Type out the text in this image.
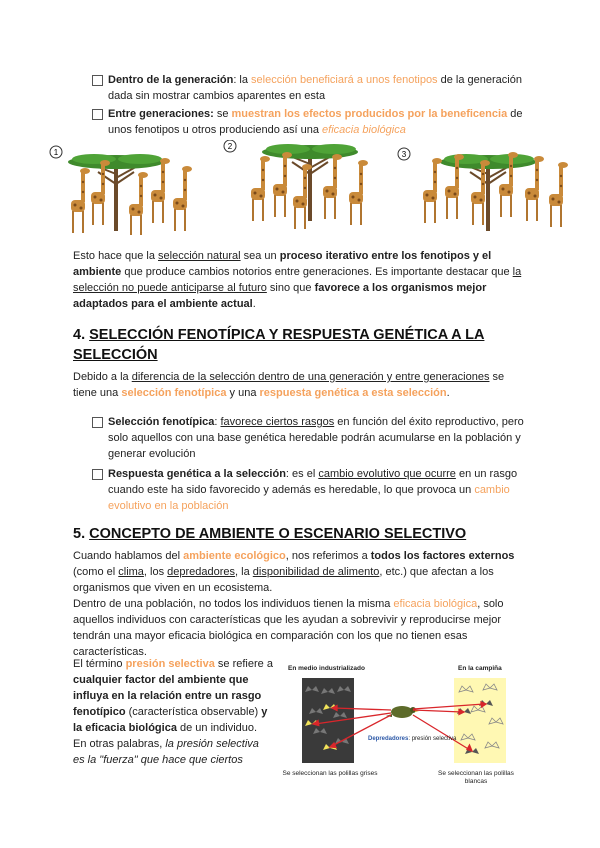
Dentro de la generación: la selección beneficiará a unos fenotipos de la generación dada sin mostrar cambios aparentes en esta
Entre generaciones: se muestran los efectos producidos por la beneficencia de unos fenotipos u otros produciendo así una eficacia biológica
1
2
3
Esto hace que la selección natural sea un proceso iterativo entre los fenotipos y el ambiente que produce cambios notorios entre generaciones. Es importante destacar que la selección no puede anticiparse al futuro sino que favorece a los organismos mejor adaptados para el ambiente actual.
4. SELECCIÓN FENOTÍPICA Y RESPUESTA GENÉTICA A LA SELECCIÓN
Debido a la diferencia de la selección dentro de una generación y entre generaciones se tiene una selección fenotípica y una respuesta genética a esta selección.
Selección fenotípica: favorece ciertos rasgos en función del éxito reproductivo, pero solo aquellos con una base genética heredable podrán acumularse en la población y generar evolución
Respuesta genética a la selección: es el cambio evolutivo que ocurre en un rasgo cuando este ha sido favorecido y además es heredable, lo que provoca un cambio evolutivo en la población
5. CONCEPTO DE AMBIENTE O ESCENARIO SELECTIVO
Cuando hablamos del ambiente ecológico, nos referimos a todos los factores externos (como el clima, los depredadores, la disponibilidad de alimento, etc.) que afectan a los organismos que viven en un ecosistema.
Dentro de una población, no todos los individuos tienen la misma eficacia biológica, solo aquellos individuos con características que les ayudan a sobrevivir y reproducirse mejor tendrán una mayor eficacia biológica en comparación con los que no tienen esas características.
El término presión selectiva se refiere a cualquier factor del ambiente que influya en la relación entre un rasgo fenotípico (característica observable) y la eficacia biológica de un individuo.
En otras palabras, la presión selectiva es la "fuerza" que hace que ciertos
En medio industrializado	En la campiña
Depredadores: presión selectiva
Se seleccionan las polillas grises	Se seleccionan las polillas blancas
